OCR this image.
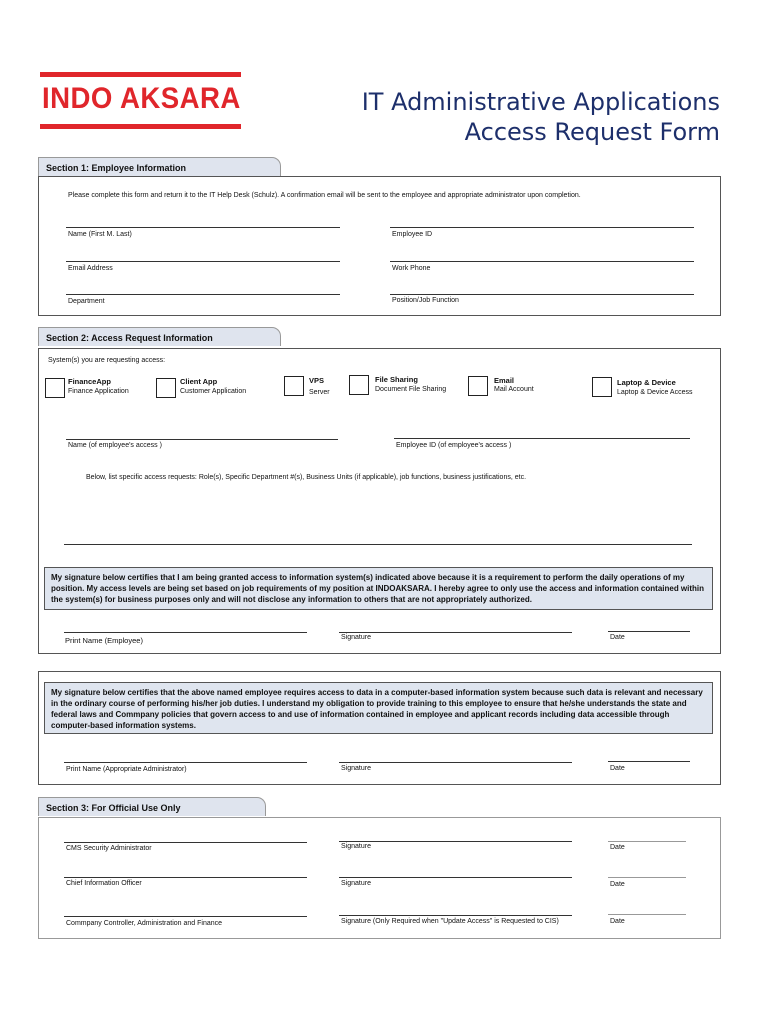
INDO AKSARA	IT Administrative Applications
Access Request Form
Section 1: Employee Information
Please complete this form and return it to the IT Help Desk (Schulz). A confirmation email will be sent to the employee and appropriate administrator upon completion.
Name (First M. Last)	Employee ID
Email Address	Work Phone
Department	Position/Job Function
Section 2: Access Request Information
System(s) you are requesting access:
FinanceApp
Finance Application
Client App
Customer Application
VPS
Server
File Sharing
Document File Sharing
Email
Mail Account
Laptop & Device
Laptop & Device Access
Name (of employee's access )	Employee ID (of employee's access )
Below, list specific access requests: Role(s), Specific Department #(s), Business Units (if applicable), job functions, business justifications, etc.
My signature below certifies that I am being granted access to information system(s) indicated above because it is a requirement to perform the daily operations of my position. My access levels are being set based on job requirements of my position at INDOAKSARA. I hereby agree to only use the access and information contained within the system(s) for business purposes only and will not disclose any information to others that are not appropriately authorized.
Print Name (Employee)	Signature	Date
My signature below certifies that the above named employee requires access to data in a computer-based information system because such data is relevant and necessary in the ordinary course of performing his/her job duties. I understand my obligation to provide training to this employee to ensure that he/she understands the state and federal laws and Commpany policies that govern access to and use of information contained in employee and applicant records including data accessible through computer-based information systems.
Print Name (Appropriate Administrator)	Signature	Date
Section 3: For Official Use Only
CMS Security Administrator	Signature	Date
Chief Information Officer	Signature	Date
Commpany Controller, Administration and Finance	Signature (Only Required when "Update Access" is Requested to CIS)	Date
